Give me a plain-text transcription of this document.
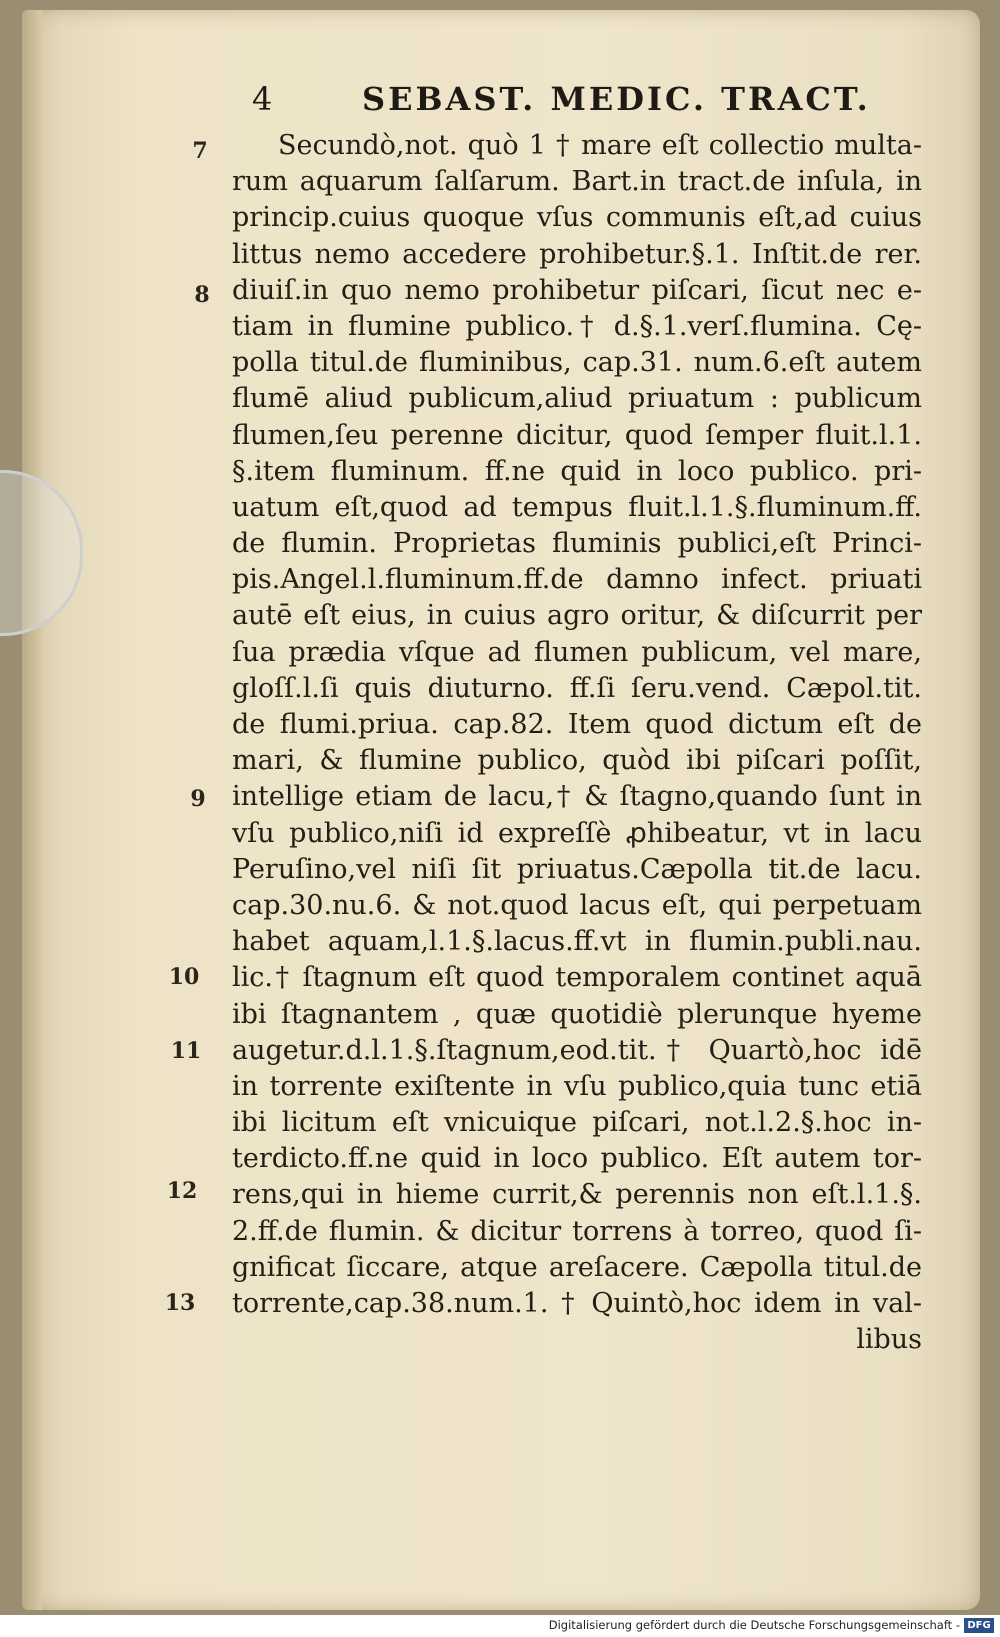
4	SEBAST. MEDIC. TRACT.
7
8
9
10
11
12
13
Secundò,not. quò 1 † mare eſt collectio multa-
rum aquarum ſalſarum. Bart.in tract.de inſula, in
princip.cuius quoque vſus communis eſt,ad cuius
littus nemo accedere prohibetur.§.1. Inſtit.de rer.
diuiſ.in quo nemo prohibetur piſcari, ſicut nec e-
tiam in flumine publico.† d.§.1.verſ.flumina. Cę-
polla titul.de fluminibus, cap.31. num.6.eſt autem
flumē aliud publicum,aliud priuatum : publicum
flumen,ſeu perenne dicitur, quod ſemper fluit.l.1.
§.item fluminum. ff.ne quid in loco publico. pri-
uatum eſt,quod ad tempus fluit.l.1.§.fluminum.ff.
de flumin. Proprietas fluminis publici,eſt Princi-
pis.Angel.l.fluminum.ff.de damno infect. priuati
autē eſt eius, in cuius agro oritur, & diſcurrit per
ſua prædia vſque ad flumen publicum, vel mare,
gloſſ.l.ſi quis diuturno. ff.ſi ſeru.vend. Cæpol.tit.
de flumi.priua. cap.82. Item quod dictum eſt de
mari, & flumine publico, quòd ibi piſcari poſſit,
intellige etiam de lacu,† & ſtagno,quando ſunt in
vſu publico,niſi id expreſſè ꝓhibeatur, vt in lacu
Peruſino,vel niſi ſit priuatus.Cæpolla tit.de lacu.
cap.30.nu.6. & not.quod lacus eſt, qui perpetuam
habet aquam,l.1.§.lacus.ff.vt in flumin.publi.nau.
lic.† ſtagnum eſt quod temporalem continet aquā
ibi ſtagnantem , quæ quotidiè plerunque hyeme
augetur.d.l.1.§.ſtagnum,eod.tit.† Quartò,hoc idē
in torrente exiſtente in vſu publico,quia tunc etiā
ibi licitum eſt vnicuique piſcari, not.l.2.§.hoc in-
terdicto.ff.ne quid in loco publico. Eſt autem tor-
rens,qui in hieme currit,& perennis non eſt.l.1.§.
2.ff.de flumin. & dicitur torrens à torreo, quod ſi-
gnificat ſiccare, atque areſacere. Cæpolla titul.de
torrente,cap.38.num.1. † Quintò,hoc idem in val-
libus
Digitalisierung gefördert durch die Deutsche Forschungsgemeinschaft - DFG
